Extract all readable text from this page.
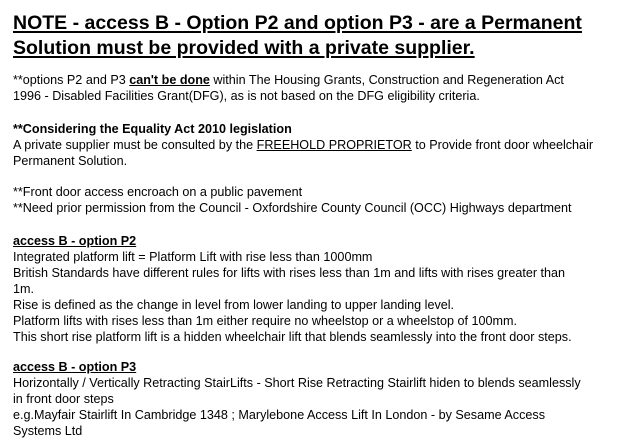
NOTE - access B - Option P2 and option P3 - are a Permanent
Solution must be provided with a private supplier.
**options P2 and P3 can't be done within The Housing Grants, Construction and Regeneration Act
1996 - Disabled Facilities Grant(DFG), as is not based on the DFG eligibility criteria.
**Considering the Equality Act 2010 legislation
A private supplier must be consulted by the FREEHOLD PROPRIETOR to Provide front door wheelchair
Permanent Solution.
**Front door access encroach on a public pavement
**Need prior permission from the Council - Oxfordshire County Council (OCC) Highways department
access B - option P2
Integrated platform lift = Platform Lift with rise less than 1000mm
British Standards have different rules for lifts with rises less than 1m and lifts with rises greater than
1m.
Rise is defined as the change in level from lower landing to upper landing level.
Platform lifts with rises less than 1m either require no wheelstop or a wheelstop of 100mm.
This short rise platform lift is a hidden wheelchair lift that blends seamlessly into the front door steps.
access B - option P3
Horizontally / Vertically Retracting StairLifts - Short Rise Retracting Stairlift hiden to blends seamlessly
in front door steps
e.g.Mayfair Stairlift In Cambridge 1348 ; Marylebone Access Lift In London - by Sesame Access
Systems Ltd
